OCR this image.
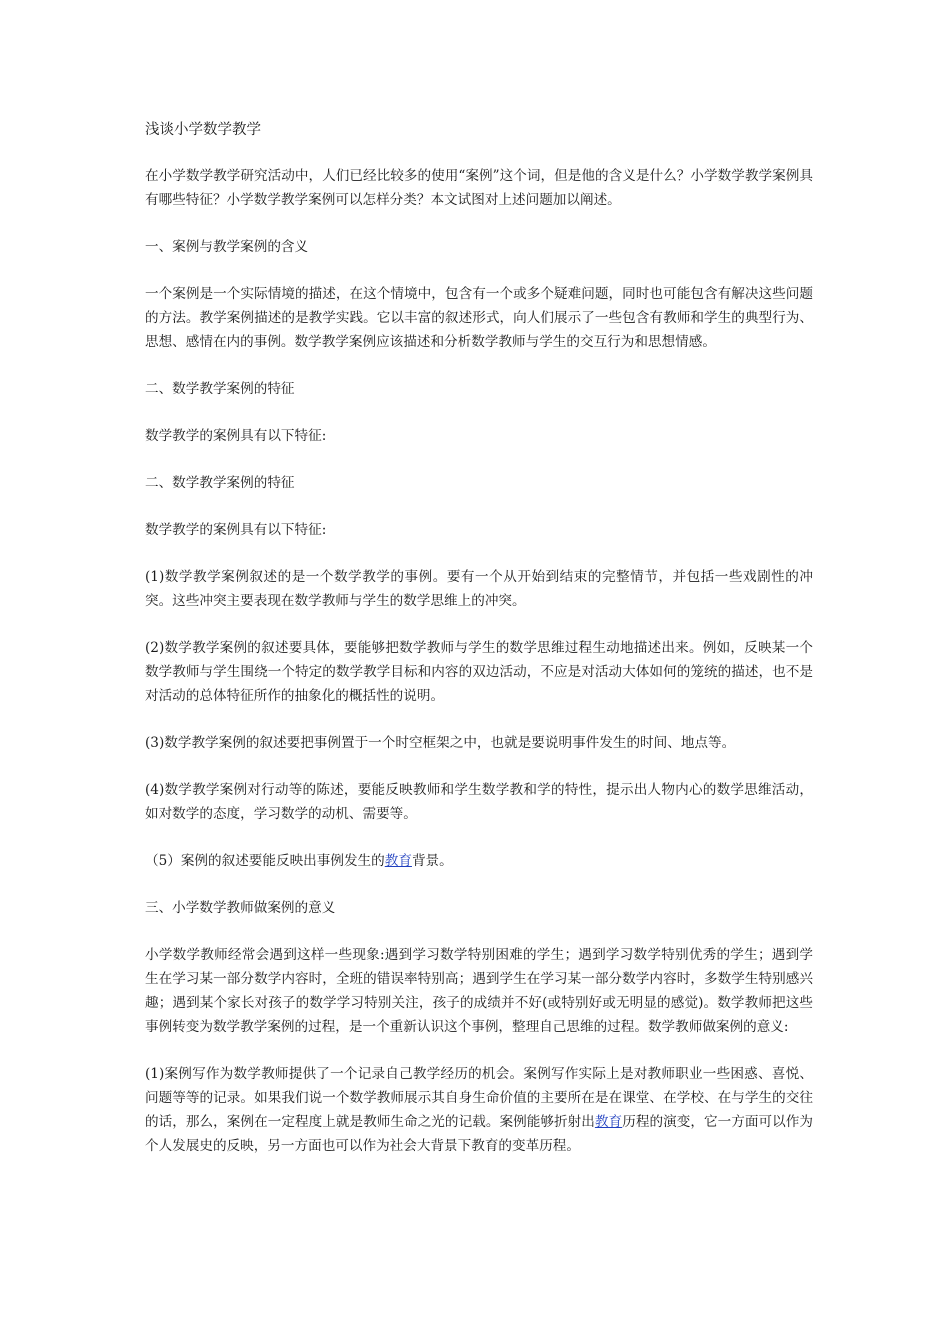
浅谈小学数学教学

在小学数学教学研究活动中，人们已经比较多的使用“案例”这个词，但是他的含义是什么？小学数学教学案例具有哪些特征？小学数学教学案例可以怎样分类？本文试图对上述问题加以阐述。

一、案例与教学案例的含义

一个案例是一个实际情境的描述，在这个情境中，包含有一个或多个疑难问题，同时也可能包含有解决这些问题的方法。教学案例描述的是教学实践。它以丰富的叙述形式，向人们展示了一些包含有教师和学生的典型行为、思想、感情在内的事例。数学教学案例应该描述和分析数学教师与学生的交互行为和思想情感。

二、数学教学案例的特征

数学教学的案例具有以下特征:

二、数学教学案例的特征

数学教学的案例具有以下特征:

(1)数学教学案例叙述的是一个数学教学的事例。要有一个从开始到结束的完整情节，并包括一些戏剧性的冲突。这些冲突主要表现在数学教师与学生的数学思维上的冲突。

(2)数学教学案例的叙述要具体，要能够把数学教师与学生的数学思维过程生动地描述出来。例如，反映某一个数学教师与学生围绕一个特定的数学教学目标和内容的双边活动，不应是对活动大体如何的笼统的描述，也不是对活动的总体特征所作的抽象化的概括性的说明。

(3)数学教学案例的叙述要把事例置于一个时空框架之中，也就是要说明事件发生的时间、地点等。

(4)数学教学案例对行动等的陈述，要能反映教师和学生数学教和学的特性，提示出人物内心的数学思维活动，如对数学的态度，学习数学的动机、需要等。

（5）案例的叙述要能反映出事例发生的教育背景。

三、小学数学教师做案例的意义

小学数学教师经常会遇到这样一些现象:遇到学习数学特别困难的学生；遇到学习数学特别优秀的学生；遇到学生在学习某一部分数学内容时，全班的错误率特别高；遇到学生在学习某一部分数学内容时，多数学生特别感兴趣；遇到某个家长对孩子的数学学习特别关注，孩子的成绩并不好(或特别好或无明显的感觉)。数学教师把这些事例转变为数学教学案例的过程，是一个重新认识这个事例，整理自己思维的过程。数学教师做案例的意义:

(1)案例写作为数学教师提供了一个记录自己教学经历的机会。案例写作实际上是对教师职业一些困惑、喜悦、问题等等的记录。如果我们说一个数学教师展示其自身生命价值的主要所在是在课堂、在学校、在与学生的交往的话，那么，案例在一定程度上就是教师生命之光的记载。案例能够折射出教育历程的演变，它一方面可以作为个人发展史的反映，另一方面也可以作为社会大背景下教育的变革历程。
